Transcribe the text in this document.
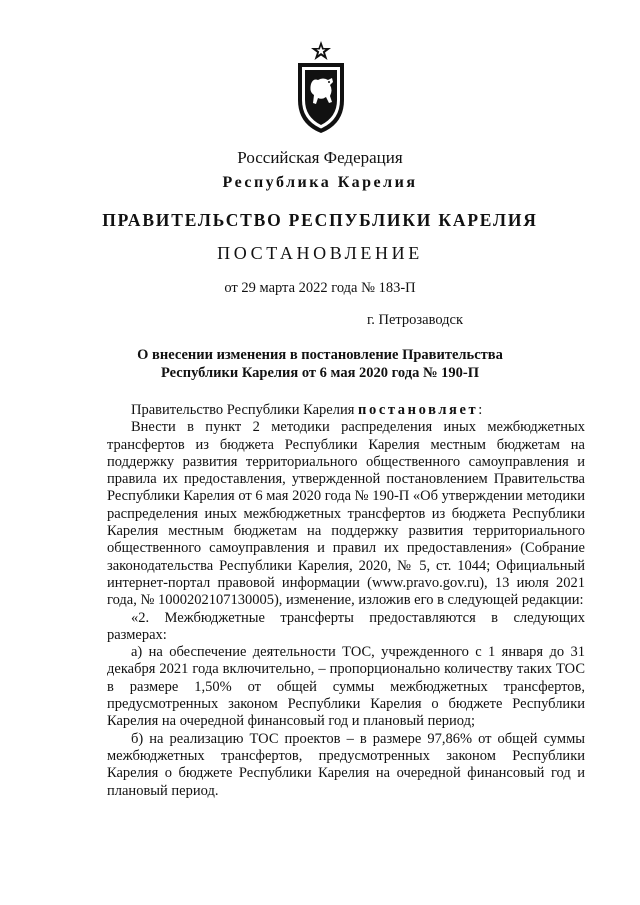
Российская Федерация
Республика Карелия
ПРАВИТЕЛЬСТВО РЕСПУБЛИКИ КАРЕЛИЯ
ПОСТАНОВЛЕНИЕ
от 29 марта 2022 года № 183-П
г. Петрозаводск
О внесении изменения в постановление Правительства
Республики Карелия от 6 мая 2020 года № 190-П

Правительство Республики Карелия постановляет:

Внести в пункт 2 методики распределения иных межбюджетных трансфертов из бюджета Республики Карелия местным бюджетам на поддержку развития территориального общественного самоуправления и правила их предоставления, утвержденной постановлением Правительства Республики Карелия от 6 мая 2020 года № 190-П «Об утверждении методики распределения иных межбюджетных трансфертов из бюджета Республики Карелия местным бюджетам на поддержку развития территориального общественного самоуправления и правил их предоставления» (Собрание законодательства Республики Карелия, 2020, № 5, ст. 1044; Официальный интернет-портал правовой информации (www.pravo.gov.ru), 13 июля 2021 года, № 1000202107130005), изменение, изложив его в следующей редакции:

«2. Межбюджетные трансферты предоставляются в следующих размерах:

а) на обеспечение деятельности ТОС, учрежденного с 1 января до 31 декабря 2021 года включительно, – пропорционально количеству таких ТОС в размере 1,50% от общей суммы межбюджетных трансфертов, предусмотренных законом Республики Карелия о бюджете Республики Карелия на очередной финансовый год и плановый период;

б) на реализацию ТОС проектов – в размере 97,86% от общей суммы межбюджетных трансфертов, предусмотренных законом Республики Карелия о бюджете Республики Карелия на очередной финансовый год и плановый период.
